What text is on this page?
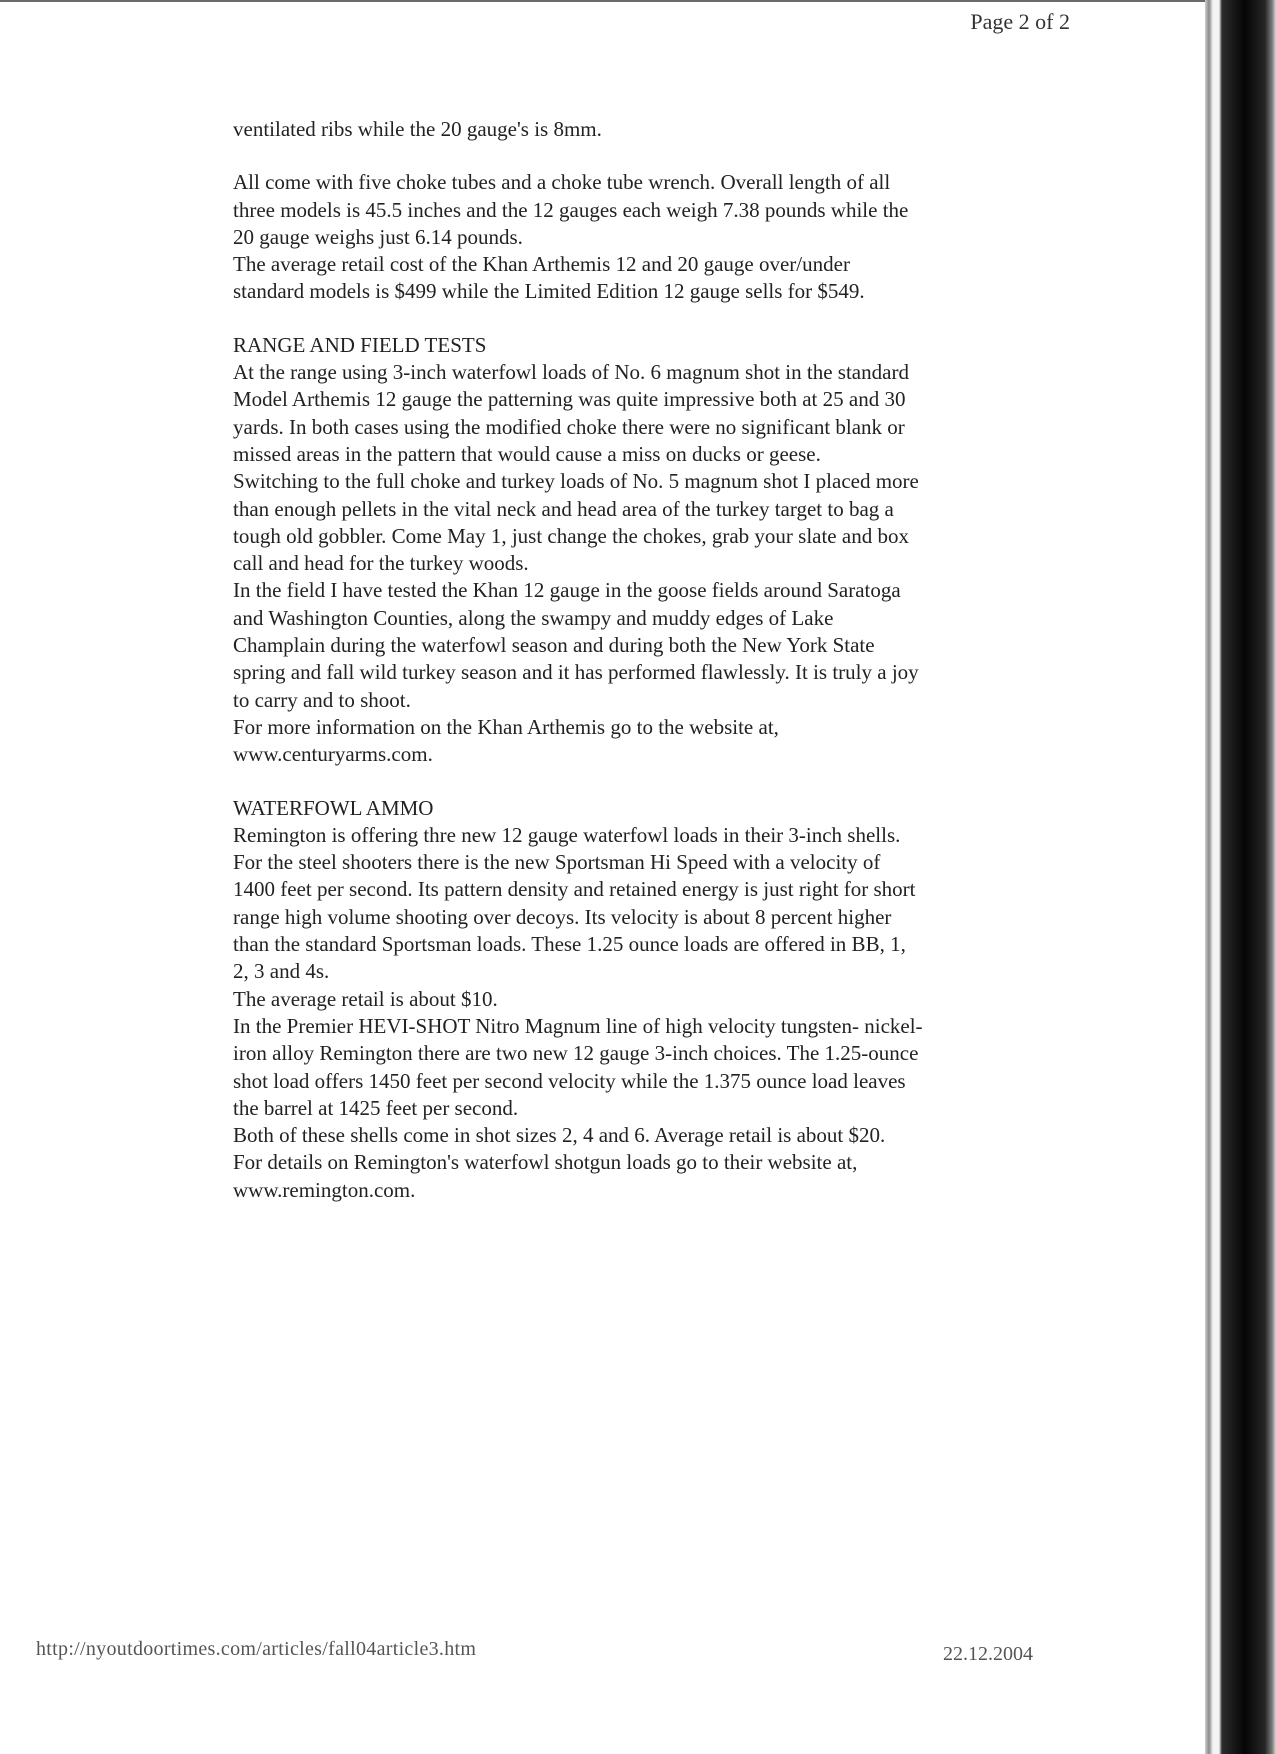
Page 2 of 2

ventilated ribs while the 20 gauge's is 8mm.

All come with five choke tubes and a choke tube wrench. Overall length of all

three models is 45.5 inches and the 12 gauges each weigh 7.38 pounds while the

20 gauge weighs just 6.14 pounds.

The average retail cost of the Khan Arthemis 12 and 20 gauge over/under

standard models is $499 while the Limited Edition 12 gauge sells for $549.

RANGE AND FIELD TESTS

At the range using 3-inch waterfowl loads of No. 6 magnum shot in the standard

Model Arthemis 12 gauge the patterning was quite impressive both at 25 and 30

yards. In both cases using the modified choke there were no significant blank or

missed areas in the pattern that would cause a miss on ducks or geese.

Switching to the full choke and turkey loads of No. 5 magnum shot I placed more

than enough pellets in the vital neck and head area of the turkey target to bag a

tough old gobbler. Come May 1, just change the chokes, grab your slate and box

call and head for the turkey woods.

In the field I have tested the Khan 12 gauge in the goose fields around Saratoga

and Washington Counties, along the swampy and muddy edges of Lake

Champlain during the waterfowl season and during both the New York State

spring and fall wild turkey season and it has performed flawlessly. It is truly a joy

to carry and to shoot.

For more information on the Khan Arthemis go to the website at,

www.centuryarms.com.

WATERFOWL AMMO

Remington is offering thre new 12 gauge waterfowl loads in their 3-inch shells.

For the steel shooters there is the new Sportsman Hi Speed with a velocity of

1400 feet per second. Its pattern density and retained energy is just right for short

range high volume shooting over decoys. Its velocity is about 8 percent higher

than the standard Sportsman loads. These 1.25 ounce loads are offered in BB, 1,

2, 3 and 4s.

The average retail is about $10.

In the Premier HEVI-SHOT Nitro Magnum line of high velocity tungsten- nickel-

iron alloy Remington there are two new 12 gauge 3-inch choices. The 1.25-ounce

shot load offers 1450 feet per second velocity while the 1.375 ounce load leaves

the barrel at 1425 feet per second.

Both of these shells come in shot sizes 2, 4 and 6. Average retail is about $20.

For details on Remington's waterfowl shotgun loads go to their website at,

www.remington.com.

http://nyoutdoortimes.com/articles/fall04article3.htm	22.12.2004
